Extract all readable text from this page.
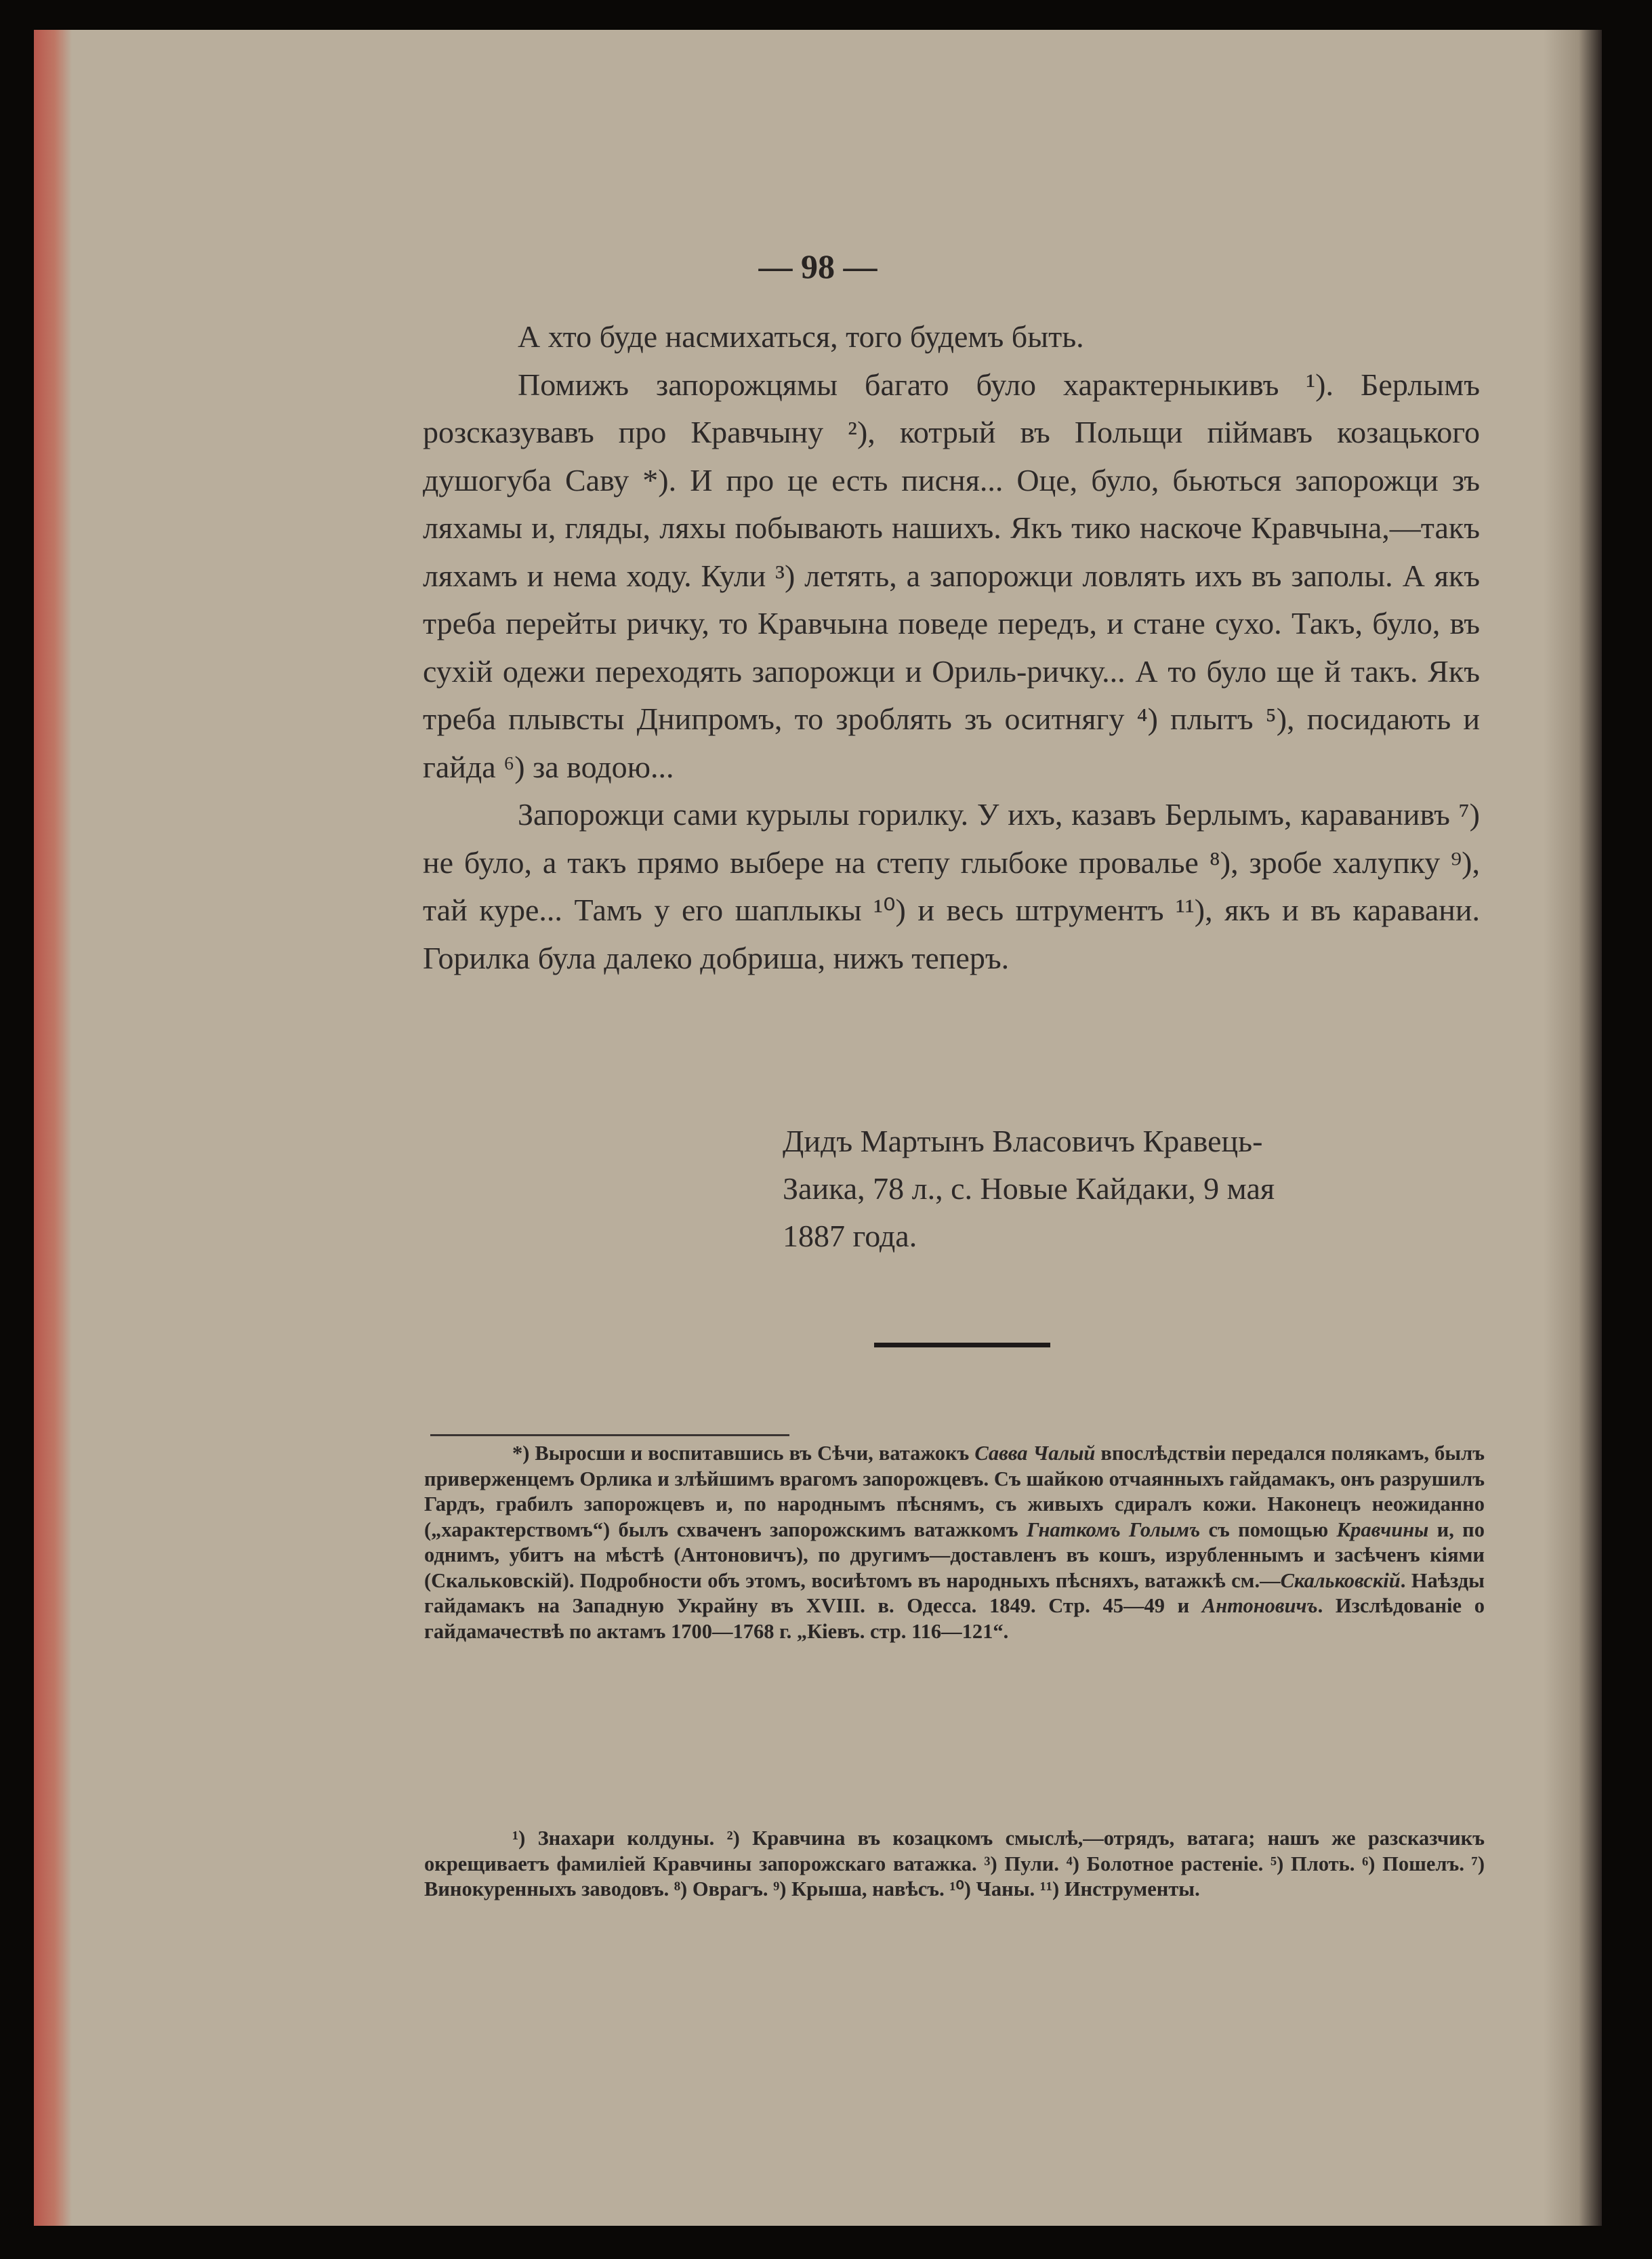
— 98 —

А хто буде насмихаться, того будемъ быть.

Помижъ запорожцямы багато було характерныкивъ ¹). Берлымъ розсказувавъ про Кравчыну ²), котрый въ Польщи піймавъ козацького душогуба Саву *). И про це есть писня... Оце, було, бьються запорожци зъ ляхамы и, гляды, ляхы побывають нашихъ. Якъ тико наскоче Кравчына,—такъ ляхамъ и нема ходу. Кули ³) летять, а запорожци ловлять ихъ въ заполы. А якъ треба перейты ричку, то Кравчына поведе передъ, и стане сухо. Такъ, було, въ сухій одежи переходять запорожци и Ориль-ричку... А то було ще й такъ. Якъ треба плывсты Днипромъ, то зроблять зъ оситнягу ⁴) плытъ ⁵), посидають и гайда ⁶) за водою...

Запорожци сами курылы горилку. У ихъ, казавъ Берлымъ, караванивъ ⁷) не було, а такъ прямо выбере на степу глыбоке провалье ⁸), зробе халупку ⁹), тай куре... Тамъ у его шаплыкы ¹⁰) и весь штрументъ ¹¹), якъ и въ каравани. Горилка була далеко добриша, нижъ теперъ.

Дидъ Мартынъ Власовичъ Кравець-
Заика, 78 л., с. Новые Кайдаки, 9 мая
1887 года.

*) Выросши и воспитавшись въ Сѣчи, ватажокъ Савва Чалый впослѣдствіи передался полякамъ, былъ приверженцемъ Орлика и злѣйшимъ врагомъ запорожцевъ. Съ шайкою отчаянныхъ гайдамакъ, онъ разрушилъ Гардъ, грабилъ запорожцевъ и, по народнымъ пѣснямъ, съ живыхъ сдиралъ кожи. Наконецъ неожиданно („характерствомъ“) былъ схваченъ запорожскимъ ватажкомъ Гнаткомъ Голымъ съ помощью Кравчины и, по однимъ, убитъ на мѣстѣ (Антоновичъ), по другимъ—доставленъ въ кошъ, изрубленнымъ и засѣченъ кіями (Скальковскій). Подробности объ этомъ, восиѣтомъ въ народныхъ пѣсняхъ, ватажкѣ см.—Скальковскій. Наѣзды гайдамакъ на Западную Украйну въ XVIII. в. Одесса. 1849. Стр. 45—49 и Антоновичъ. Изслѣдованіе о гайдамачествѣ по актамъ 1700—1768 г. „Кіевъ. стр. 116—121“.

¹) Знахари колдуны. ²) Кравчина въ козацкомъ смыслѣ,—отрядъ, ватага; нашъ же разсказчикъ окрещиваетъ фамиліей Кравчины запорожскаго ватажка. ³) Пули. ⁴) Болотное растеніе. ⁵) Плоть. ⁶) Пошелъ. ⁷) Винокуренныхъ заводовъ. ⁸) Оврагъ. ⁹) Крыша, навѣсъ. ¹⁰) Чаны. ¹¹) Инструменты.
